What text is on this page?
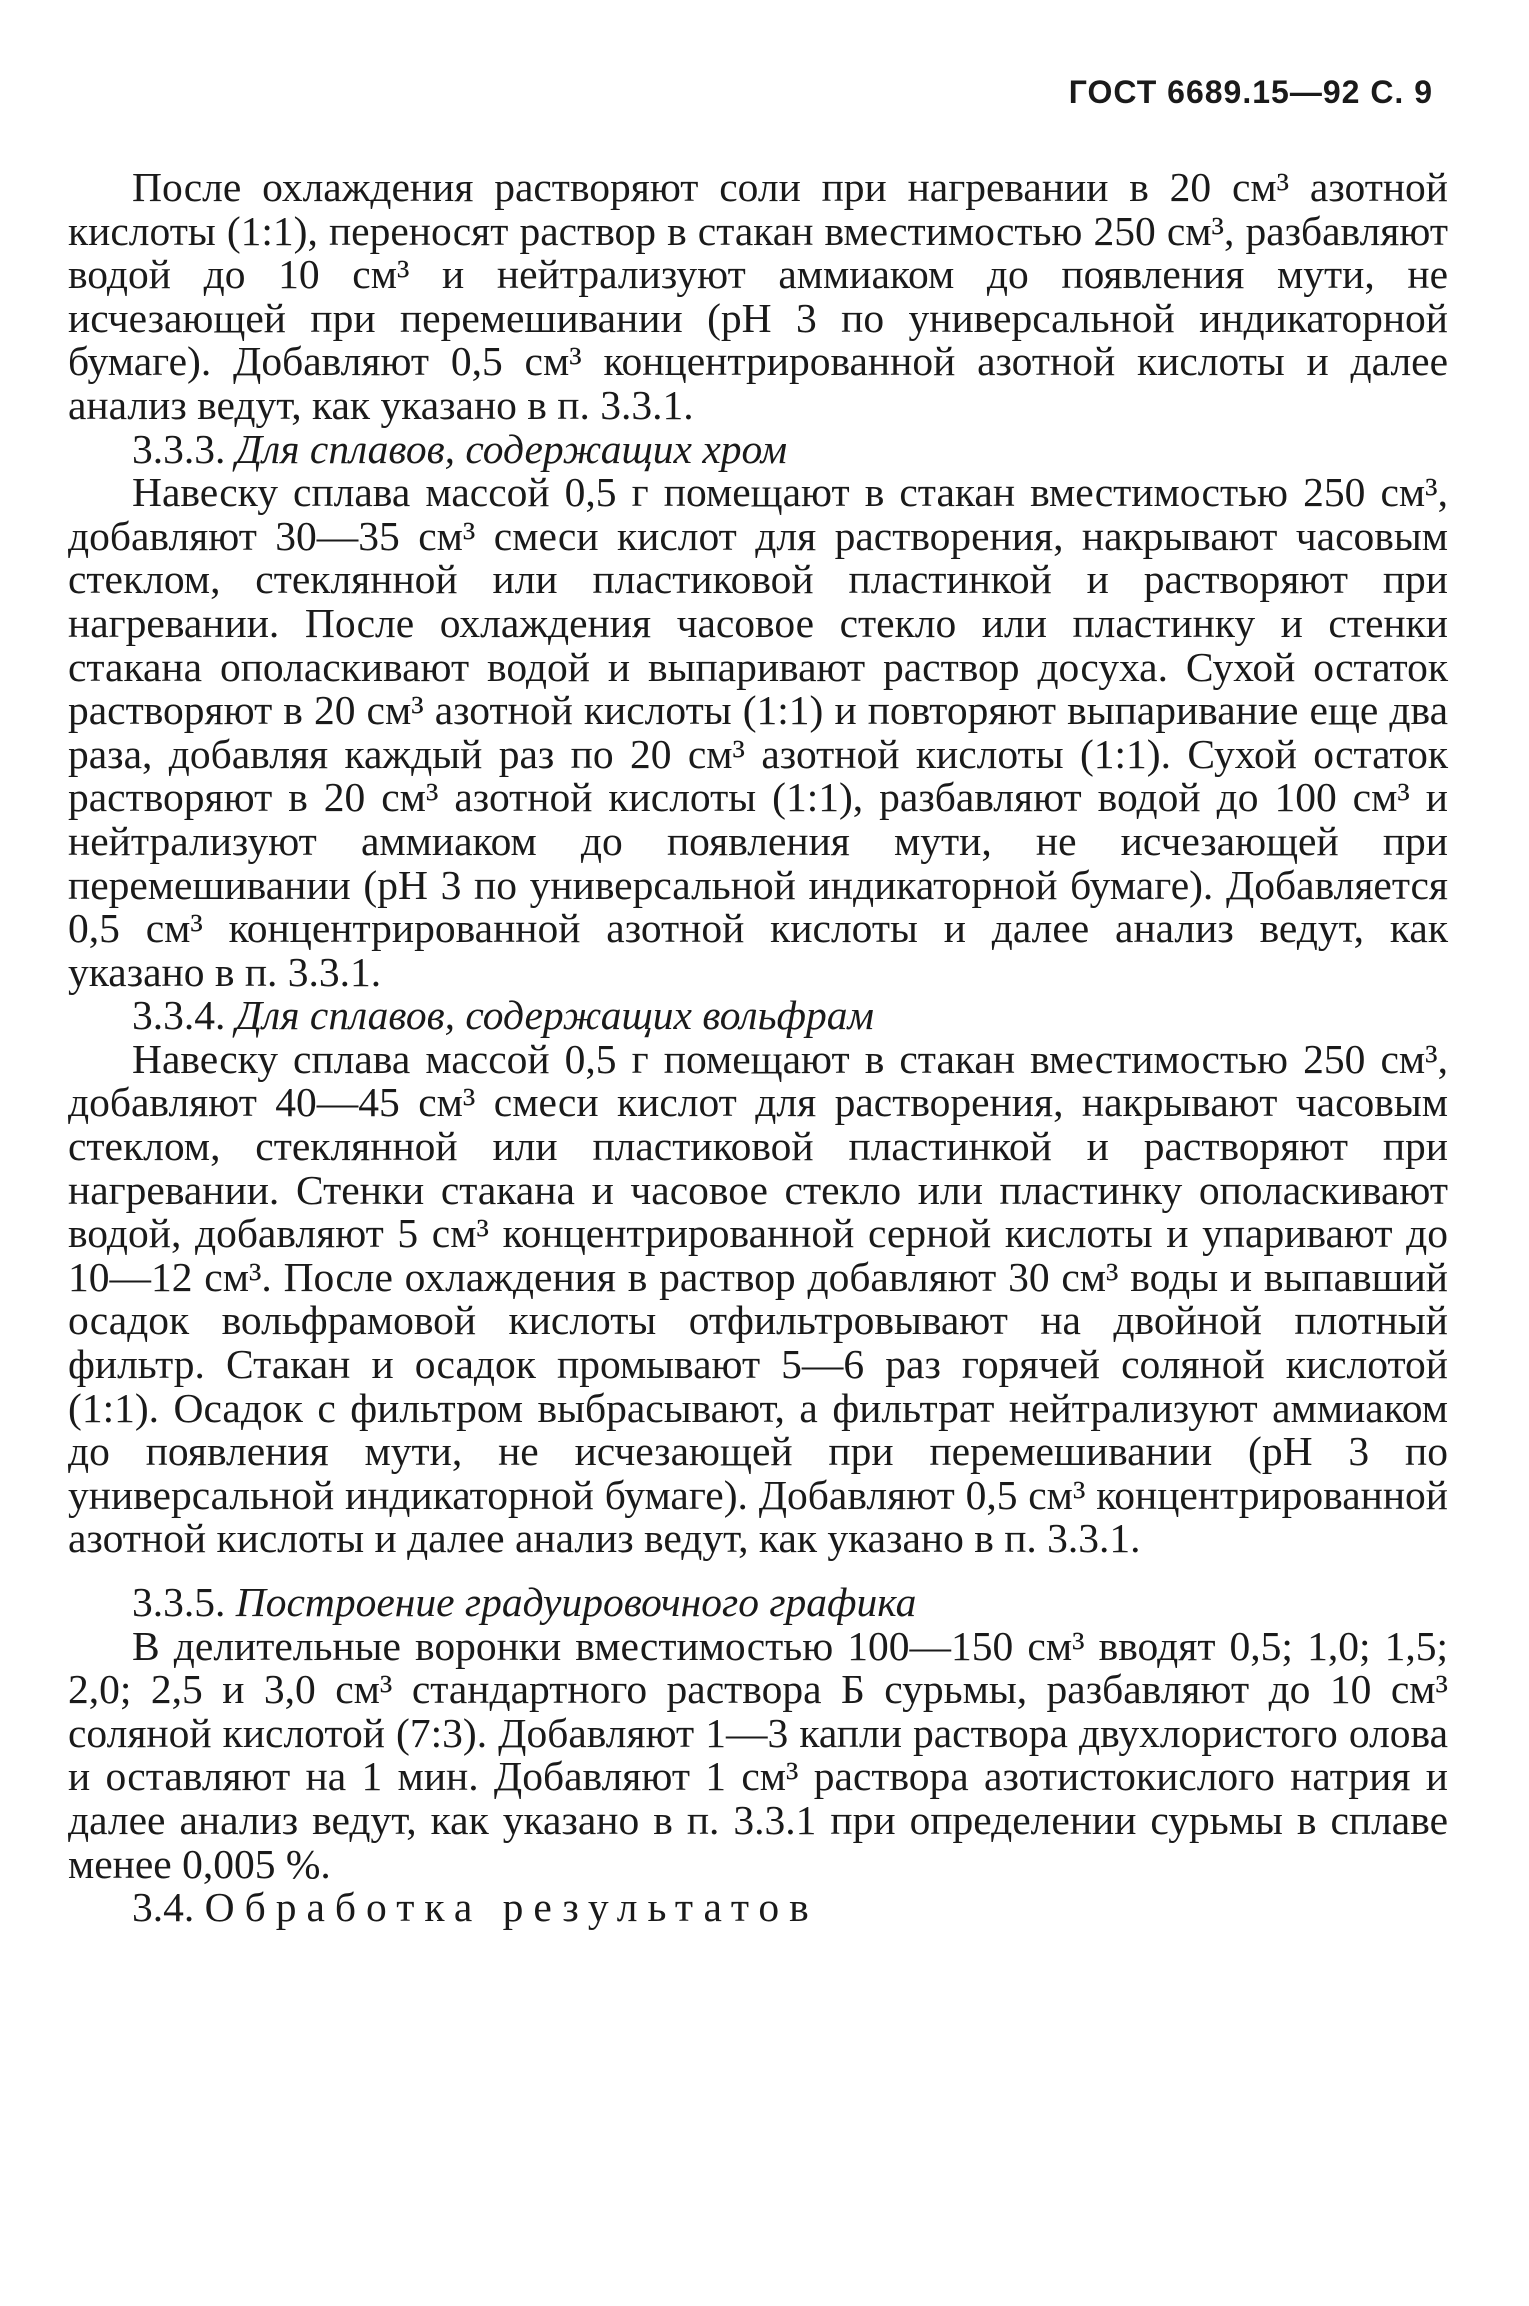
ГОСТ 6689.15—92 С. 9

После охлаждения растворяют соли при нагревании в 20 см³ азотной кислоты (1:1), переносят раствор в стакан вместимостью 250 см³, разбавляют водой до 10 см³ и нейтрализуют аммиаком до появления мути, не исчезающей при перемешивании (рН 3 по универсальной индикаторной бумаге). Добавляют 0,5 см³ концентрированной азотной кислоты и далее анализ ведут, как указано в п. 3.3.1.

3.3.3. Для сплавов, содержащих хром

Навеску сплава массой 0,5 г помещают в стакан вместимостью 250 см³, добавляют 30—35 см³ смеси кислот для растворения, накрывают часовым стеклом, стеклянной или пластиковой пластинкой и растворяют при нагревании. После охлаждения часовое стекло или пластинку и стенки стакана ополаскивают водой и выпаривают раствор досуха. Сухой остаток растворяют в 20 см³ азотной кислоты (1:1) и повторяют выпаривание еще два раза, добавляя каждый раз по 20 см³ азотной кислоты (1:1). Сухой остаток растворяют в 20 см³ азотной кислоты (1:1), разбавляют водой до 100 см³ и нейтрализуют аммиаком до появления мути, не исчезающей при перемешивании (рН 3 по универсальной индикаторной бумаге). Добавляется 0,5 см³ концентрированной азотной кислоты и далее анализ ведут, как указано в п. 3.3.1.

3.3.4. Для сплавов, содержащих вольфрам

Навеску сплава массой 0,5 г помещают в стакан вместимостью 250 см³, добавляют 40—45 см³ смеси кислот для растворения, накрывают часовым стеклом, стеклянной или пластиковой пластинкой и растворяют при нагревании. Стенки стакана и часовое стекло или пластинку ополаскивают водой, добавляют 5 см³ концентрированной серной кислоты и упаривают до 10—12 см³. После охлаждения в раствор добавляют 30 см³ воды и выпавший осадок вольфрамовой кислоты отфильтровывают на двойной плотный фильтр. Стакан и осадок промывают 5—6 раз горячей соляной кислотой (1:1). Осадок с фильтром выбрасывают, а фильтрат нейтрализуют аммиаком до появления мути, не исчезающей при перемешивании (рН 3 по универсальной индикаторной бумаге). Добавляют 0,5 см³ концентрированной азотной кислоты и далее анализ ведут, как указано в п. 3.3.1.

3.3.5. Построение градуировочного графика

В делительные воронки вместимостью 100—150 см³ вводят 0,5; 1,0; 1,5; 2,0; 2,5 и 3,0 см³ стандартного раствора Б сурьмы, разбавляют до 10 см³ соляной кислотой (7:3). Добавляют 1—3 капли раствора двухлористого олова и оставляют на 1 мин. Добавляют 1 см³ раствора азотистокислого натрия и далее анализ ведут, как указано в п. 3.3.1 при определении сурьмы в сплаве менее 0,005 %.

3.4. Обработка результатов
